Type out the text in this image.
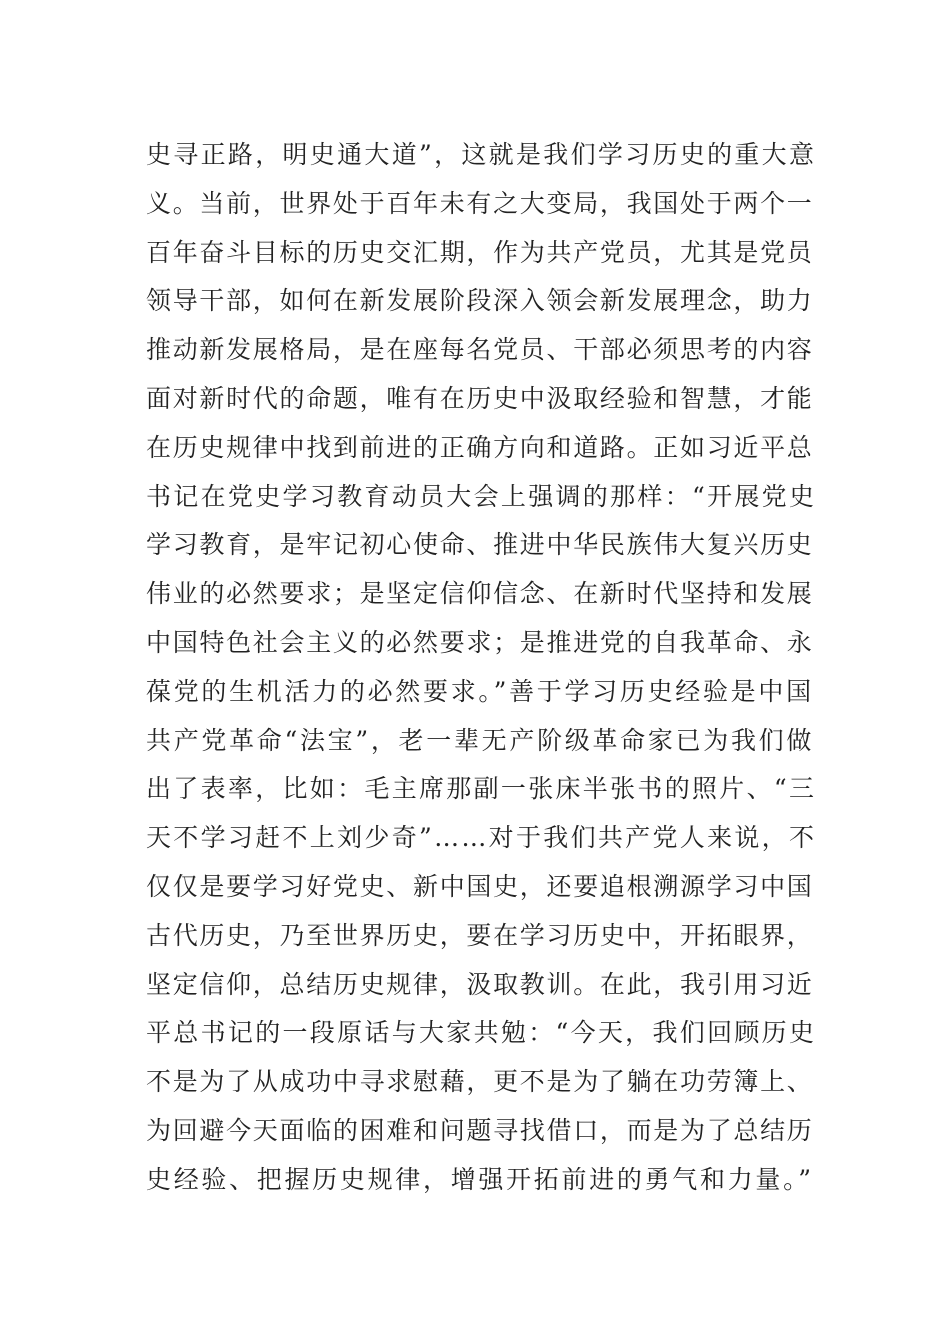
史寻正路，明史通大道”，这就是我们学习历史的重大意
义。当前，世界处于百年未有之大变局，我国处于两个一
百年奋斗目标的历史交汇期，作为共产党员，尤其是党员
领导干部，如何在新发展阶段深入领会新发展理念，助力
推动新发展格局，是在座每名党员、干部必须思考的内容
面对新时代的命题，唯有在历史中汲取经验和智慧，才能
在历史规律中找到前进的正确方向和道路。正如习近平总
书记在党史学习教育动员大会上强调的那样：“开展党史
学习教育，是牢记初心使命、推进中华民族伟大复兴历史
伟业的必然要求；是坚定信仰信念、在新时代坚持和发展
中国特色社会主义的必然要求；是推进党的自我革命、永
葆党的生机活力的必然要求。”善于学习历史经验是中国
共产党革命“法宝”，老一辈无产阶级革命家已为我们做
出了表率，比如：毛主席那副一张床半张书的照片、“三
天不学习赶不上刘少奇”……对于我们共产党人来说，不
仅仅是要学习好党史、新中国史，还要追根溯源学习中国
古代历史，乃至世界历史，要在学习历史中，开拓眼界，
坚定信仰，总结历史规律，汲取教训。在此，我引用习近
平总书记的一段原话与大家共勉：“今天，我们回顾历史
不是为了从成功中寻求慰藉，更不是为了躺在功劳簿上、
为回避今天面临的困难和问题寻找借口，而是为了总结历
史经验、把握历史规律，增强开拓前进的勇气和力量。”
